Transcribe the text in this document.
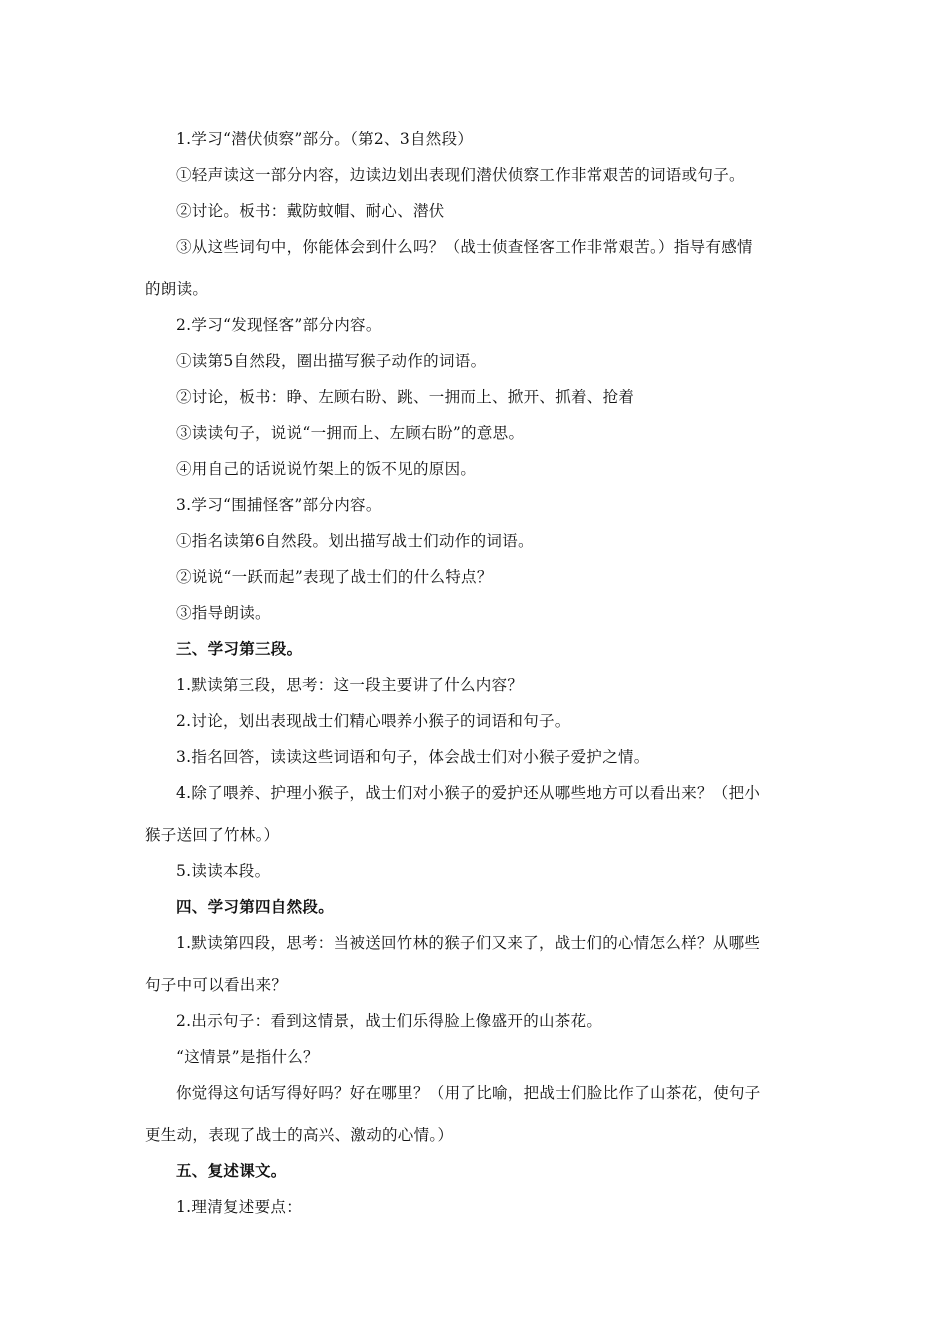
1.学习“潜伏侦察”部分。（第2、3自然段）
①轻声读这一部分内容，边读边划出表现们潜伏侦察工作非常艰苦的词语或句子。
②讨论。板书：戴防蚊帽、耐心、潜伏
③从这些词句中，你能体会到什么吗？（战士侦查怪客工作非常艰苦。）指导有感情
的朗读。
2.学习“发现怪客”部分内容。
①读第5自然段，圈出描写猴子动作的词语。
②讨论，板书：睁、左顾右盼、跳、一拥而上、掀开、抓着、抢着
③读读句子，说说“一拥而上、左顾右盼”的意思。
④用自己的话说说竹架上的饭不见的原因。
3.学习“围捕怪客”部分内容。
①指名读第6自然段。划出描写战士们动作的词语。
②说说“一跃而起”表现了战士们的什么特点？
③指导朗读。
三、学习第三段。
1.默读第三段，思考：这一段主要讲了什么内容？
2.讨论，划出表现战士们精心喂养小猴子的词语和句子。
3.指名回答，读读这些词语和句子，体会战士们对小猴子爱护之情。
4.除了喂养、护理小猴子，战士们对小猴子的爱护还从哪些地方可以看出来？（把小
猴子送回了竹林。）
5.读读本段。
四、学习第四自然段。
1.默读第四段，思考：当被送回竹林的猴子们又来了，战士们的心情怎么样？从哪些
句子中可以看出来？
2.出示句子：看到这情景，战士们乐得脸上像盛开的山茶花。
“这情景”是指什么？
你觉得这句话写得好吗？好在哪里？（用了比喻，把战士们脸比作了山茶花，使句子
更生动，表现了战士的高兴、激动的心情。）
五、复述课文。
1.理清复述要点：
